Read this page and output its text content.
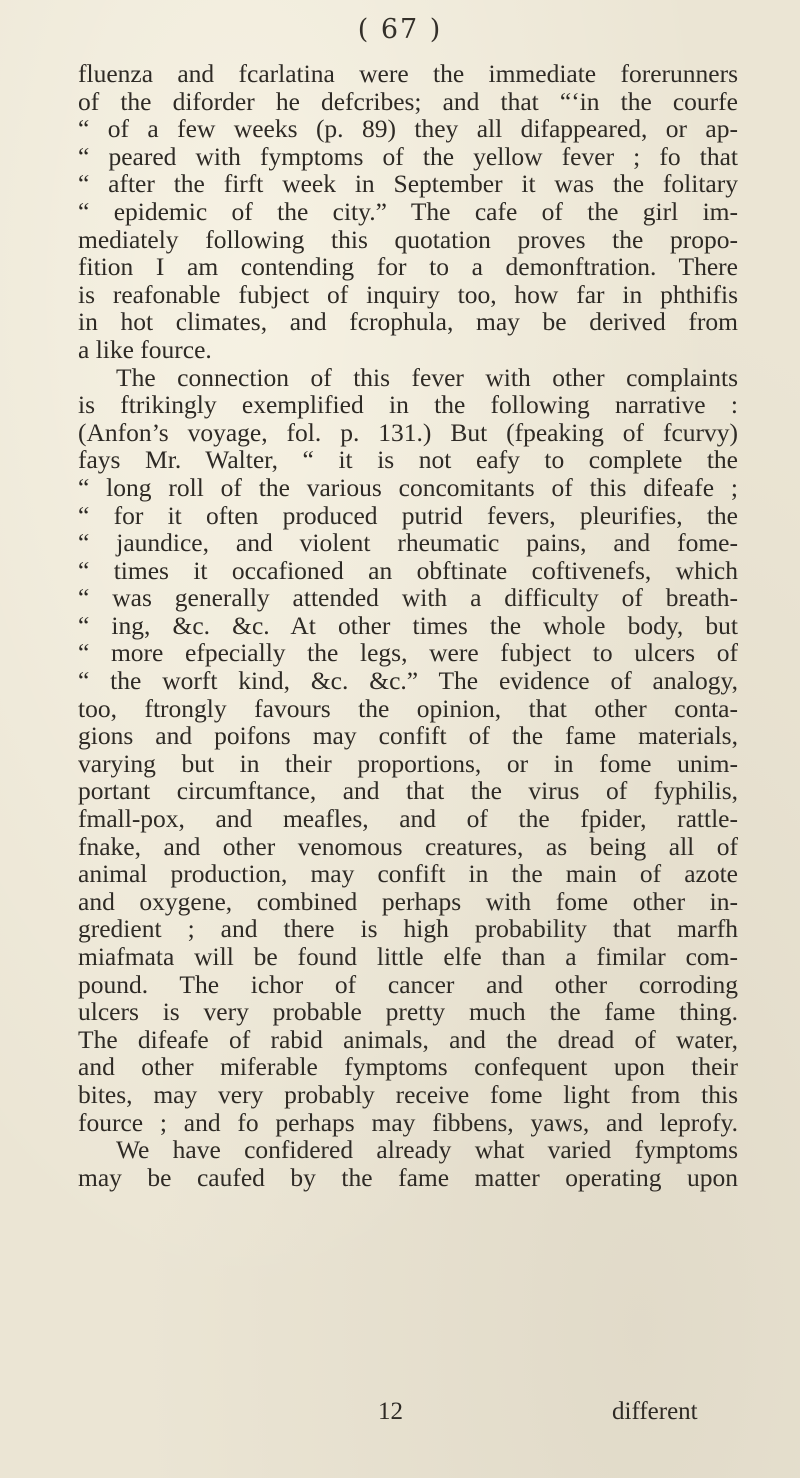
( 67 )
fluenza and fcarlatina were the immediate forerunners
of the diforder he defcribes; and that “‘in the courfe
“ of a few weeks (p. 89) they all difappeared, or ap-
“ peared with fymptoms of the yellow fever ; fo that
“ after the firft week in September it was the folitary
“ epidemic of the city.” The cafe of the girl im-
mediately following this quotation proves the propo-
fition I am contending for to a demonftration. There
is reafonable fubject of inquiry too, how far in phthifis
in hot climates, and fcrophula, may be derived from
a like fource.
The connection of this fever with other complaints
is ftrikingly exemplified in the following narrative :
(Anfon’s voyage, fol. p. 131.) But (fpeaking of fcurvy)
fays Mr. Walter, “ it is not eafy to complete the
“ long roll of the various concomitants of this difeafe ;
“ for it often produced putrid fevers, pleurifies, the
“ jaundice, and violent rheumatic pains, and fome-
“ times it occafioned an obftinate coftivenefs, which
“ was generally attended with a difficulty of breath-
“ ing, &c. &c. At other times the whole body, but
“ more efpecially the legs, were fubject to ulcers of
“ the worft kind, &c. &c.” The evidence of analogy,
too, ftrongly favours the opinion, that other conta-
gions and poifons may confift of the fame materials,
varying but in their proportions, or in fome unim-
portant circumftance, and that the virus of fyphilis,
fmall-pox, and meafles, and of the fpider, rattle-
fnake, and other venomous creatures, as being all of
animal production, may confift in the main of azote
and oxygene, combined perhaps with fome other in-
gredient ; and there is high probability that marfh
miafmata will be found little elfe than a fimilar com-
pound. The ichor of cancer and other corroding
ulcers is very probable pretty much the fame thing.
The difeafe of rabid animals, and the dread of water,
and other miferable fymptoms confequent upon their
bites, may very probably receive fome light from this
fource ; and fo perhaps may fibbens, yaws, and leprofy.
We have confidered already what varied fymptoms
may be caufed by the fame matter operating upon
12	different
